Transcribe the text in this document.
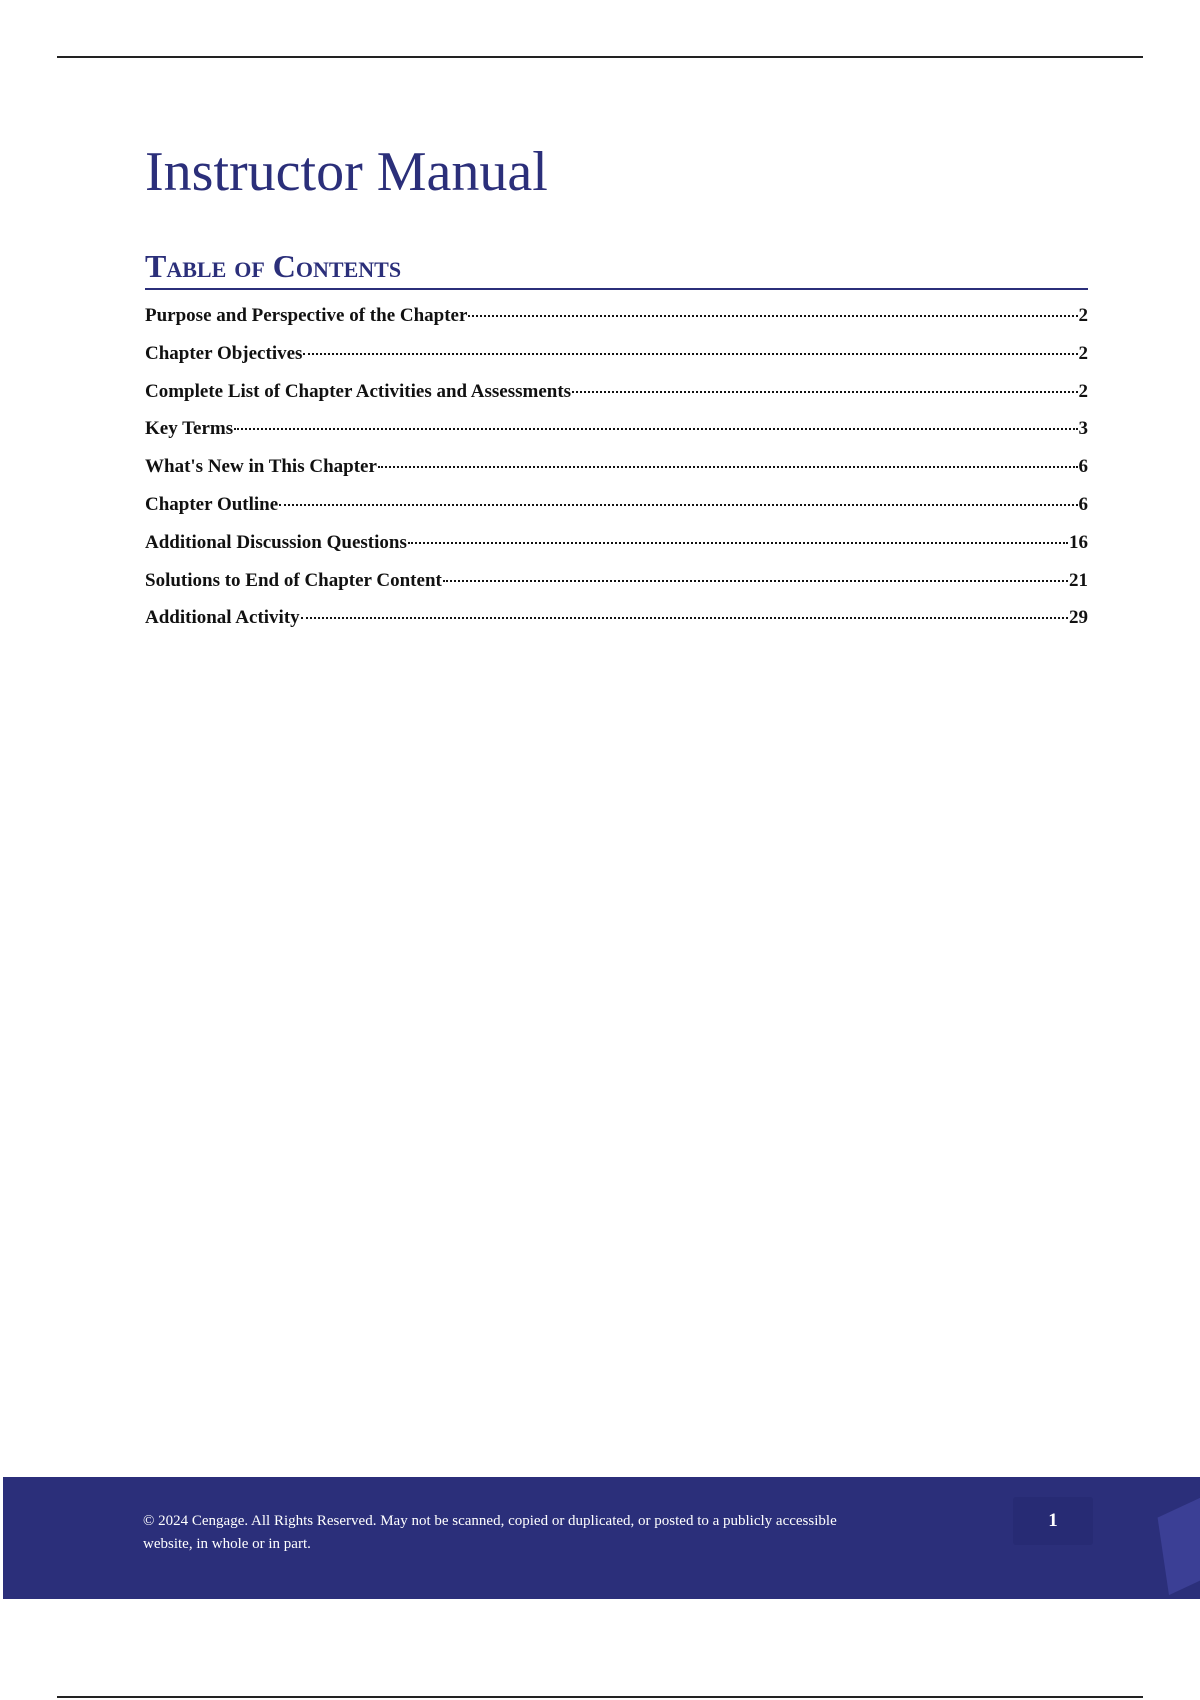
Instructor Manual
Table of Contents
Purpose and Perspective of the Chapter	2
Chapter Objectives	2
Complete List of Chapter Activities and Assessments	2
Key Terms	3
What's New in This Chapter	6
Chapter Outline	6
Additional Discussion Questions	16
Solutions to End of Chapter Content	21
Additional Activity	29
© 2024 Cengage. All Rights Reserved. May not be scanned, copied or duplicated, or posted to a publicly accessible website, in whole or in part.
1
